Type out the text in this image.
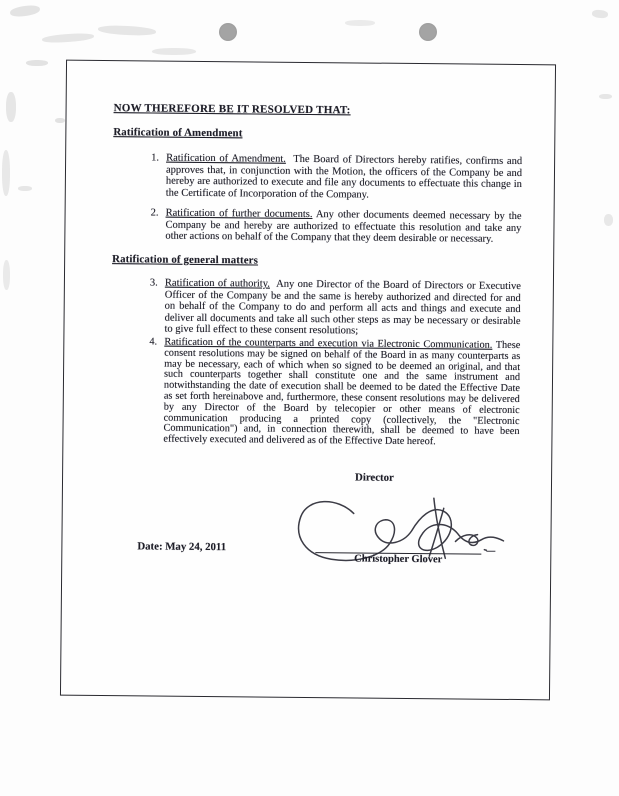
NOW THEREFORE BE IT RESOLVED THAT:
Ratification of Amendment
1. Ratification of Amendment. The Board of Directors hereby ratifies, confirms and approves that, in conjunction with the Motion, the officers of the Company be and hereby are authorized to execute and file any documents to effectuate this change in the Certificate of Incorporation of the Company.
2. Ratification of further documents. Any other documents deemed necessary by the Company be and hereby are authorized to effectuate this resolution and take any other actions on behalf of the Company that they deem desirable or necessary.
Ratification of general matters
3. Ratification of authority. Any one Director of the Board of Directors or Executive Officer of the Company be and the same is hereby authorized and directed for and on behalf of the Company to do and perform all acts and things and execute and deliver all documents and take all such other steps as may be necessary or desirable to give full effect to these consent resolutions;
4. Ratification of the counterparts and execution via Electronic Communication. These consent resolutions may be signed on behalf of the Board in as many counterparts as may be necessary, each of which when so signed to be deemed an original, and that such counterparts together shall constitute one and the same instrument and notwithstanding the date of execution shall be deemed to be dated the Effective Date as set forth hereinabove and, furthermore, these consent resolutions may be delivered by any Director of the Board by telecopier or other means of electronic communication producing a printed copy (collectively, the "Electronic Communication") and, in connection therewith, shall be deemed to have been effectively executed and delivered as of the Effective Date hereof.
Director
Date: May 24, 2011
Christopher Glover
